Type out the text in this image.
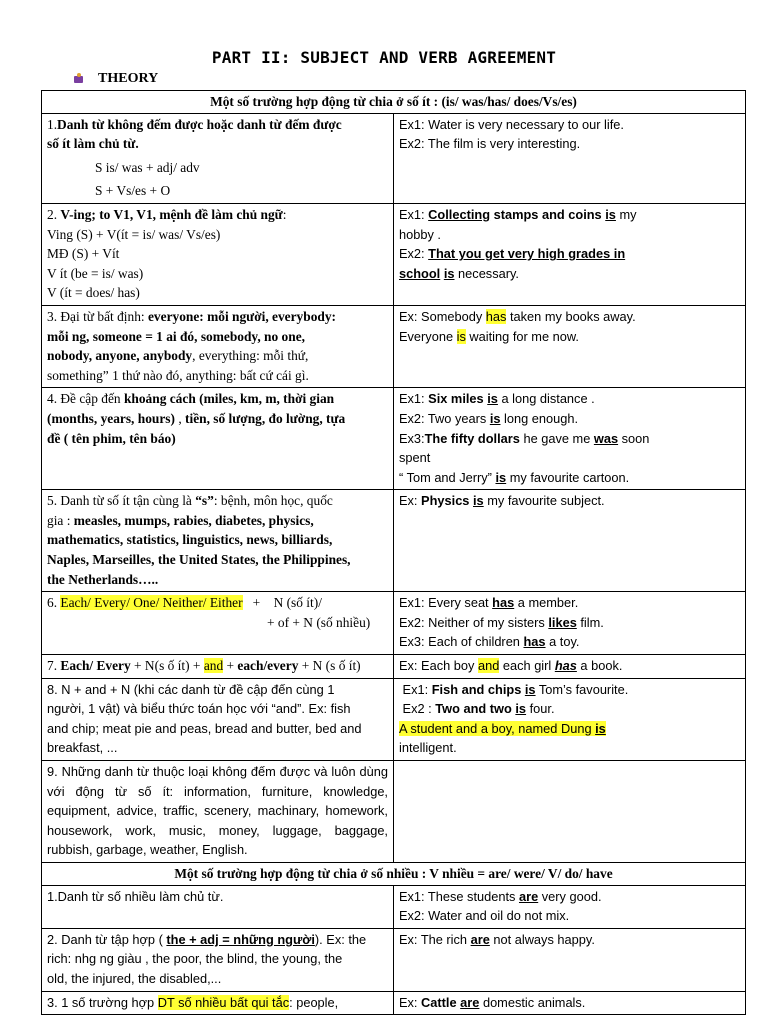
PART II: SUBJECT AND VERB AGREEMENT
THEORY
Một số trường hợp động từ chia ở số ít : (is/ was/has/ does/Vs/es)	

1.Danh từ không đếm được hoặc danh từ đếm được
số ít làm chủ từ.
S is/ was + adj/ adv
S + Vs/es + O	Ex1: Water is very necessary to our life.
Ex2: The film is very interesting.

2. V-ing; to V1, V1, mệnh đề làm chủ ngữ:
Ving (S) + V(ít = is/ was/ Vs/es)
MĐ (S) + Vít
V ít (be = is/ was)
V (ít = does/ has)	Ex1: Collecting stamps and coins is my
hobby .
Ex2: That you get very high grades in
school is necessary.

3. Đại từ bất định: everyone: mỗi người, everybody:
mỗi ng, someone = 1 ai đó, somebody, no one,
nobody, anyone, anybody, everything: mỗi thứ,
something” 1 thứ nào đó, anything: bất cứ cái gì.	Ex: Somebody has taken my books away.
Everyone is waiting for me now.

4. Đề cập đến khoảng cách (miles, km, m, thời gian
(months, years, hours) , tiền, số lượng, đo lường, tựa
đề ( tên phim, tên báo)	Ex1: Six miles is a long distance .
Ex2: Two years is long enough.
Ex3:The fifty dollars he gave me was soon
spent
“ Tom and Jerry” is my favourite cartoon.

5. Danh từ số ít tận cùng là “s”: bệnh, môn học, quốc
gia : measles, mumps, rabies, diabetes, physics,
mathematics, statistics, linguistics, news, billiards,
Naples, Marseilles, the United States, the Philippines,
the Netherlands…..	Ex: Physics is my favourite subject.

6. Each/ Every/ One/ Neither/ Either   +    N (số ít)/
+ of + N (số nhiều)	Ex1: Every seat has a member.
Ex2: Neither of my sisters likes film.
Ex3: Each of children has a toy.

7. Each/ Every + N(s ố ít) + and + each/every + N (s ố ít)	Ex: Each boy and each girl has a book.

8. N + and + N (khi các danh từ đề cập đến cùng 1
người, 1 vật) và biểu thức toán học với “and”. Ex: fish
and chip; meat pie and peas, bread and butter, bed and
breakfast, ...	Ex1: Fish and chips is Tom’s favourite.
Ex2 : Two and two is four.
A student and a boy, named Dung is
intelligent.

9. Những danh từ thuộc loại không đếm được và luôn dùng với động từ số ít: information, furniture, knowledge, equipment, advice, traffic, scenery, machinary, homework, housework, work, music, money, luggage, baggage, rubbish, garbage, weather, English.	
Một số trường hợp động từ chia ở số nhiều : V nhiều = are/ were/ V/ do/ have	

1.Danh từ số nhiều làm chủ từ.	Ex1: These students are very good.
Ex2: Water and oil do not mix.

2. Danh từ tập hợp ( the + adj = những người). Ex: the
rich: nhg ng giàu , the poor, the blind, the young, the
old, the injured, the disabled,...	Ex: The rich are not always happy.

3. 1 số trường hợp DT số nhiều bất qui tắc: people,	Ex: Cattle are domestic animals.
